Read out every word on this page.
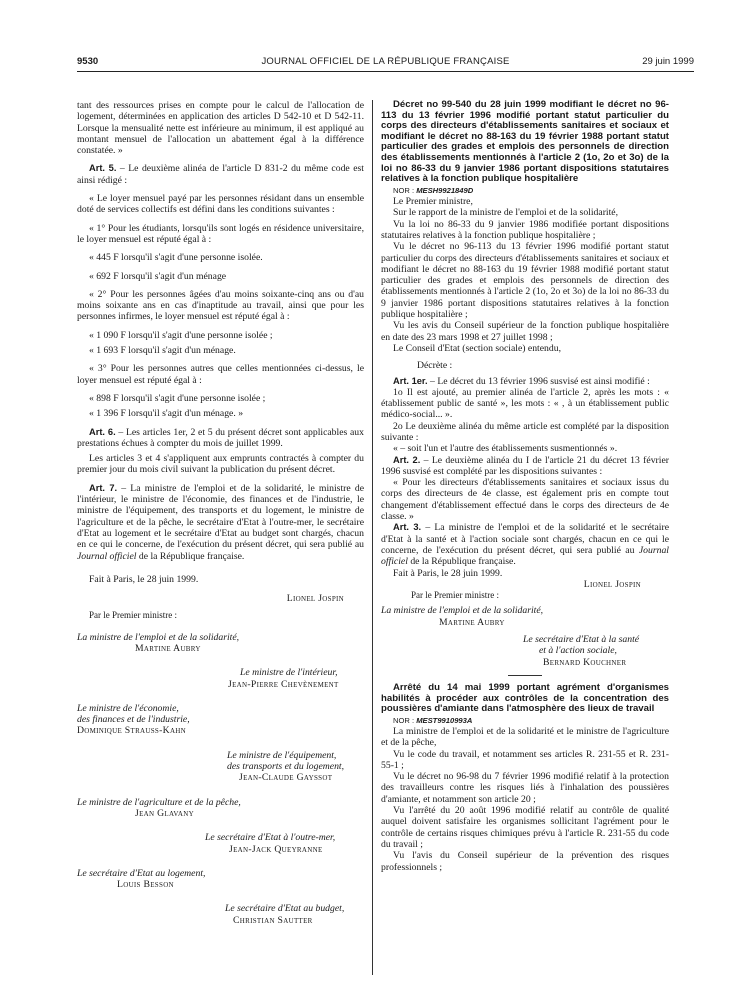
9530	JOURNAL OFFICIEL DE LA RÉPUBLIQUE FRANÇAISE	29 juin 1999

tant des ressources prises en compte pour le calcul de l'allocation de logement, déterminées en application des articles D 542-10 et D 542-11. Lorsque la mensualité nette est inférieure au minimum, il est appliqué au montant mensuel de l'allocation un abattement égal à la différence constatée. »

Art. 5. – Le deuxième alinéa de l'article D 831-2 du même code est ainsi rédigé :

« Le loyer mensuel payé par les personnes résidant dans un ensemble doté de services collectifs est défini dans les conditions suivantes :

« 1° Pour les étudiants, lorsqu'ils sont logés en résidence universitaire, le loyer mensuel est réputé égal à :

« 445 F lorsqu'il s'agit d'une personne isolée.

« 692 F lorsqu'il s'agit d'un ménage

« 2° Pour les personnes âgées d'au moins soixante-cinq ans ou d'au moins soixante ans en cas d'inaptitude au travail, ainsi que pour les personnes infirmes, le loyer mensuel est réputé égal à :

« 1 090 F lorsqu'il s'agit d'une personne isolée ;

« 1 693 F lorsqu'il s'agit d'un ménage.

« 3° Pour les personnes autres que celles mentionnées ci-dessus, le loyer mensuel est réputé égal à :

« 898 F lorsqu'il s'agit d'une personne isolée ;

« 1 396 F lorsqu'il s'agit d'un ménage. »

Art. 6. – Les articles 1er, 2 et 5 du présent décret sont applicables aux prestations échues à compter du mois de juillet 1999.

Les articles 3 et 4 s'appliquent aux emprunts contractés à compter du premier jour du mois civil suivant la publication du présent décret.

Art. 7. – La ministre de l'emploi et de la solidarité, le ministre de l'intérieur, le ministre de l'économie, des finances et de l'industrie, le ministre de l'équipement, des transports et du logement, le ministre de l'agriculture et de la pêche, le secrétaire d'Etat à l'outre-mer, le secrétaire d'Etat au logement et le secrétaire d'Etat au budget sont chargés, chacun en ce qui le concerne, de l'exécution du présent décret, qui sera publié au Journal officiel de la République française.

Fait à Paris, le 28 juin 1999.

Lionel Jospin

Par le Premier ministre :

La ministre de l'emploi et de la solidarité,
Martine Aubry
Le ministre de l'intérieur,
Jean-Pierre Chevènement
Le ministre de l'économie,
des finances et de l'industrie,
Dominique Strauss-Kahn
Le ministre de l'équipement,
des transports et du logement,
Jean-Claude Gayssot
Le ministre de l'agriculture et de la pêche,
Jean Glavany
Le secrétaire d'Etat à l'outre-mer,
Jean-Jack Queyranne
Le secrétaire d'Etat au logement,
Louis Besson
Le secrétaire d'Etat au budget,
Christian Sautter

Décret no 99-540 du 28 juin 1999 modifiant le décret no 96-113 du 13 février 1996 modifié portant statut particulier du corps des directeurs d'établissements sanitaires et sociaux et modifiant le décret no 88-163 du 19 février 1988 portant statut particulier des grades et emplois des personnels de direction des établissements mentionnés à l'article 2 (1o, 2o et 3o) de la loi no 86-33 du 9 janvier 1986 portant dispositions statutaires relatives à la fonction publique hospitalière

NOR : MESH9921849D

Le Premier ministre,

Sur le rapport de la ministre de l'emploi et de la solidarité,

Vu la loi no 86-33 du 9 janvier 1986 modifiée portant dispositions statutaires relatives à la fonction publique hospitalière ;

Vu le décret no 96-113 du 13 février 1996 modifié portant statut particulier du corps des directeurs d'établissements sanitaires et sociaux et modifiant le décret no 88-163 du 19 février 1988 modifié portant statut particulier des grades et emplois des personnels de direction des établissements mentionnés à l'article 2 (1o, 2o et 3o) de la loi no 86-33 du 9 janvier 1986 portant dispositions statutaires relatives à la fonction publique hospitalière ;

Vu les avis du Conseil supérieur de la fonction publique hospitalière en date des 23 mars 1998 et 27 juillet 1998 ;

Le Conseil d'Etat (section sociale) entendu,

Décrète :

Art. 1er. – Le décret du 13 février 1996 susvisé est ainsi modifié :

1o Il est ajouté, au premier alinéa de l'article 2, après les mots : « établissement public de santé », les mots : « , à un établissement public médico-social... ».

2o Le deuxième alinéa du même article est complété par la disposition suivante :

« – soit l'un et l'autre des établissements susmentionnés ».

Art. 2. – Le deuxième alinéa du I de l'article 21 du décret 13 février 1996 susvisé est complété par les dispositions suivantes :

« Pour les directeurs d'établissements sanitaires et sociaux issus du corps des directeurs de 4e classe, est également pris en compte tout changement d'établissement effectué dans le corps des directeurs de 4e classe. »

Art. 3. – La ministre de l'emploi et de la solidarité et le secrétaire d'Etat à la santé et à l'action sociale sont chargés, chacun en ce qui le concerne, de l'exécution du présent décret, qui sera publié au Journal officiel de la République française.

Fait à Paris, le 28 juin 1999.

Lionel Jospin

Par le Premier ministre :

La ministre de l'emploi et de la solidarité,
Martine Aubry
Le secrétaire d'Etat à la santé
et à l'action sociale,
Bernard Kouchner

Arrêté du 14 mai 1999 portant agrément d'organismes habilités à procéder aux contrôles de la concentration des poussières d'amiante dans l'atmosphère des lieux de travail

NOR : MEST9910993A

La ministre de l'emploi et de la solidarité et le ministre de l'agriculture et de la pêche,

Vu le code du travail, et notamment ses articles R. 231-55 et R. 231-55-1 ;

Vu le décret no 96-98 du 7 février 1996 modifié relatif à la protection des travailleurs contre les risques liés à l'inhalation des poussières d'amiante, et notamment son article 20 ;

Vu l'arrêté du 20 août 1996 modifié relatif au contrôle de qualité auquel doivent satisfaire les organismes sollicitant l'agrément pour le contrôle de certains risques chimiques prévu à l'article R. 231-55 du code du travail ;

Vu l'avis du Conseil supérieur de la prévention des risques professionnels ;
